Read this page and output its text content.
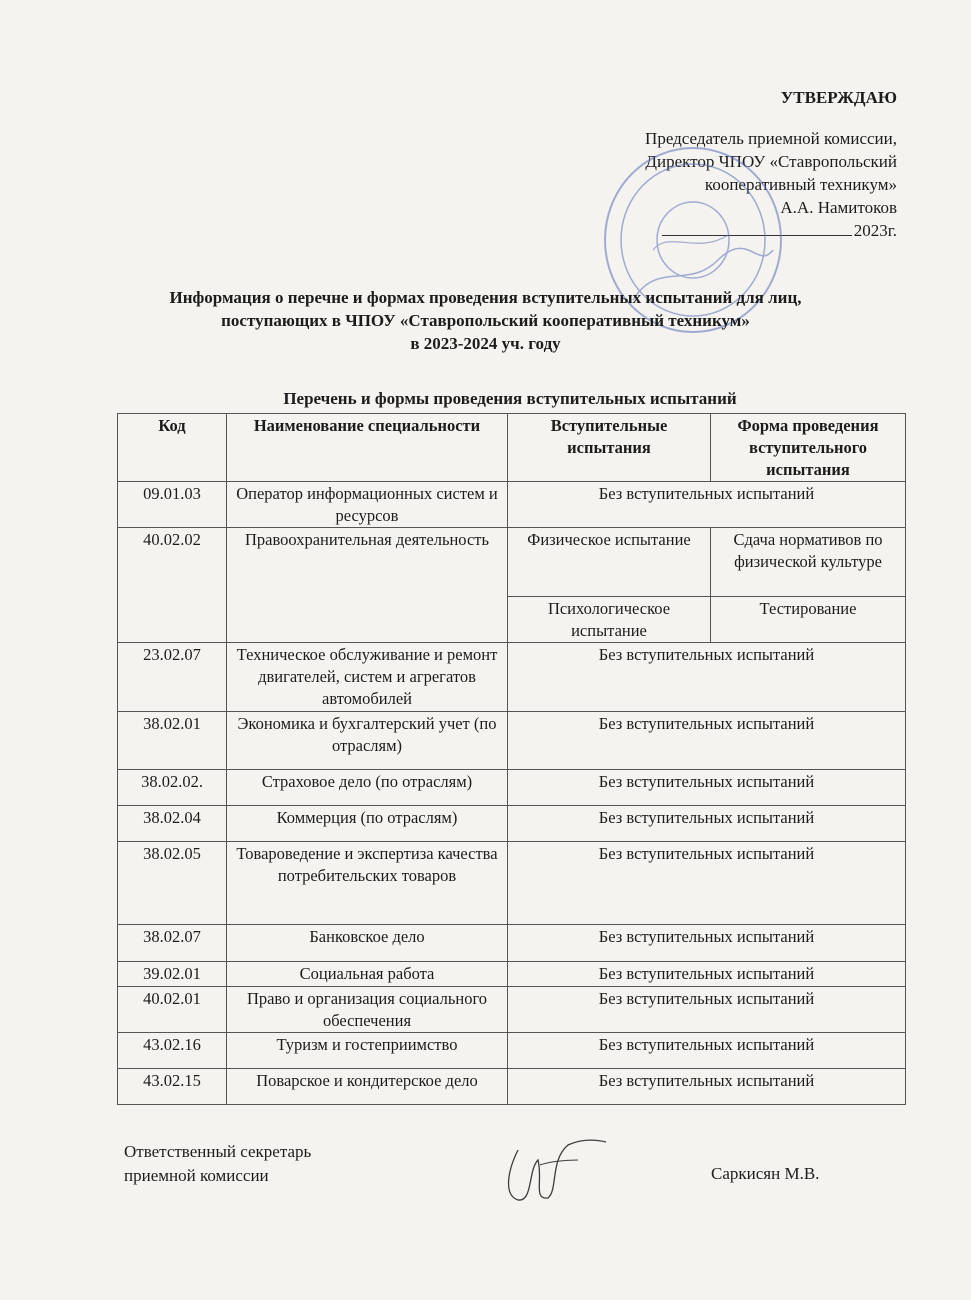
УТВЕРЖДАЮ
Председатель приемной комиссии,
Директор ЧПОУ «Ставропольский
кооперативный техникум»
А.А. Намитоков
2023г.
Информация о перечне и формах проведения вступительных испытаний для лиц,
поступающих в ЧПОУ «Ставропольский кооперативный техникум»
в 2023-2024 уч. году
Перечень и формы проведения вступительных испытаний
Код	Наименование специальности	Вступительные испытания	Форма проведения вступительного испытания
09.01.03	Оператор информационных систем и ресурсов	Без вступительных испытаний	
40.02.02	Правоохранительная деятельность	Физическое испытание	Сдача нормативов по физической культуре
		Психологическое испытание	Тестирование
23.02.07	Техническое обслуживание и ремонт двигателей, систем и агрегатов автомобилей	Без вступительных испытаний	
38.02.01	Экономика и бухгалтерский учет (по отраслям)	Без вступительных испытаний	
38.02.02.	Страховое дело (по отраслям)	Без вступительных испытаний	
38.02.04	Коммерция (по отраслям)	Без вступительных испытаний	
38.02.05	Товароведение и экспертиза качества потребительских товаров	Без вступительных испытаний	
38.02.07	Банковское дело	Без вступительных испытаний	
39.02.01	Социальная работа	Без вступительных испытаний	
40.02.01	Право и организация социального обеспечения	Без вступительных испытаний	
43.02.16	Туризм и гостеприимство	Без вступительных испытаний	
43.02.15	Поварское и кондитерское дело	Без вступительных испытаний	
Ответственный секретарь
приемной комиссии	Саркисян М.В.
